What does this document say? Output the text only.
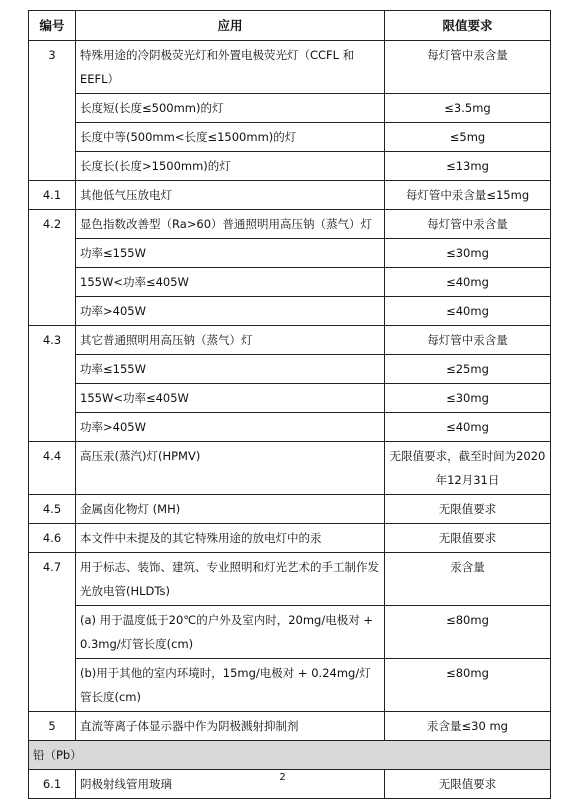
编号	应用	限值要求
3	特殊用途的冷阴极荧光灯和外置电极荧光灯（CCFL 和 EEFL）	每灯管中汞含量
	长度短(长度≤500mm)的灯	≤3.5mg
	长度中等(500mm<长度≤1500mm)的灯	≤5mg
	长度长(长度>1500mm)的灯	≤13mg
4.1	其他低气压放电灯	每灯管中汞含量≤15mg
4.2	显色指数改善型（Ra>60）普通照明用高压钠（蒸气）灯	每灯管中汞含量
	功率≤155W	≤30mg
	155W<功率≤405W	≤40mg
	功率>405W	≤40mg
4.3	其它普通照明用高压钠（蒸气）灯	每灯管中汞含量
	功率≤155W	≤25mg
	155W<功率≤405W	≤30mg
	功率>405W	≤40mg
4.4	高压汞(蒸汽)灯(HPMV)	无限值要求，截至时间为2020年12月31日
4.5	金属卤化物灯 (MH)	无限值要求
4.6	本文件中未提及的其它特殊用途的放电灯中的汞	无限值要求
4.7	用于标志、装饰、建筑、专业照明和灯光艺术的手工制作发光放电管(HLDTs)	汞含量
	(a) 用于温度低于20℃的户外及室内时，20mg/电极对 + 0.3mg/灯管长度(cm)	≤80mg
	(b)用于其他的室内环境时，15mg/电极对 + 0.24mg/灯管长度(cm)	≤80mg
5	直流等离子体显示器中作为阴极溅射抑制剂	汞含量≤30 mg
铅（Pb）		
6.1	阴极射线管用玻璃	无限值要求
2
